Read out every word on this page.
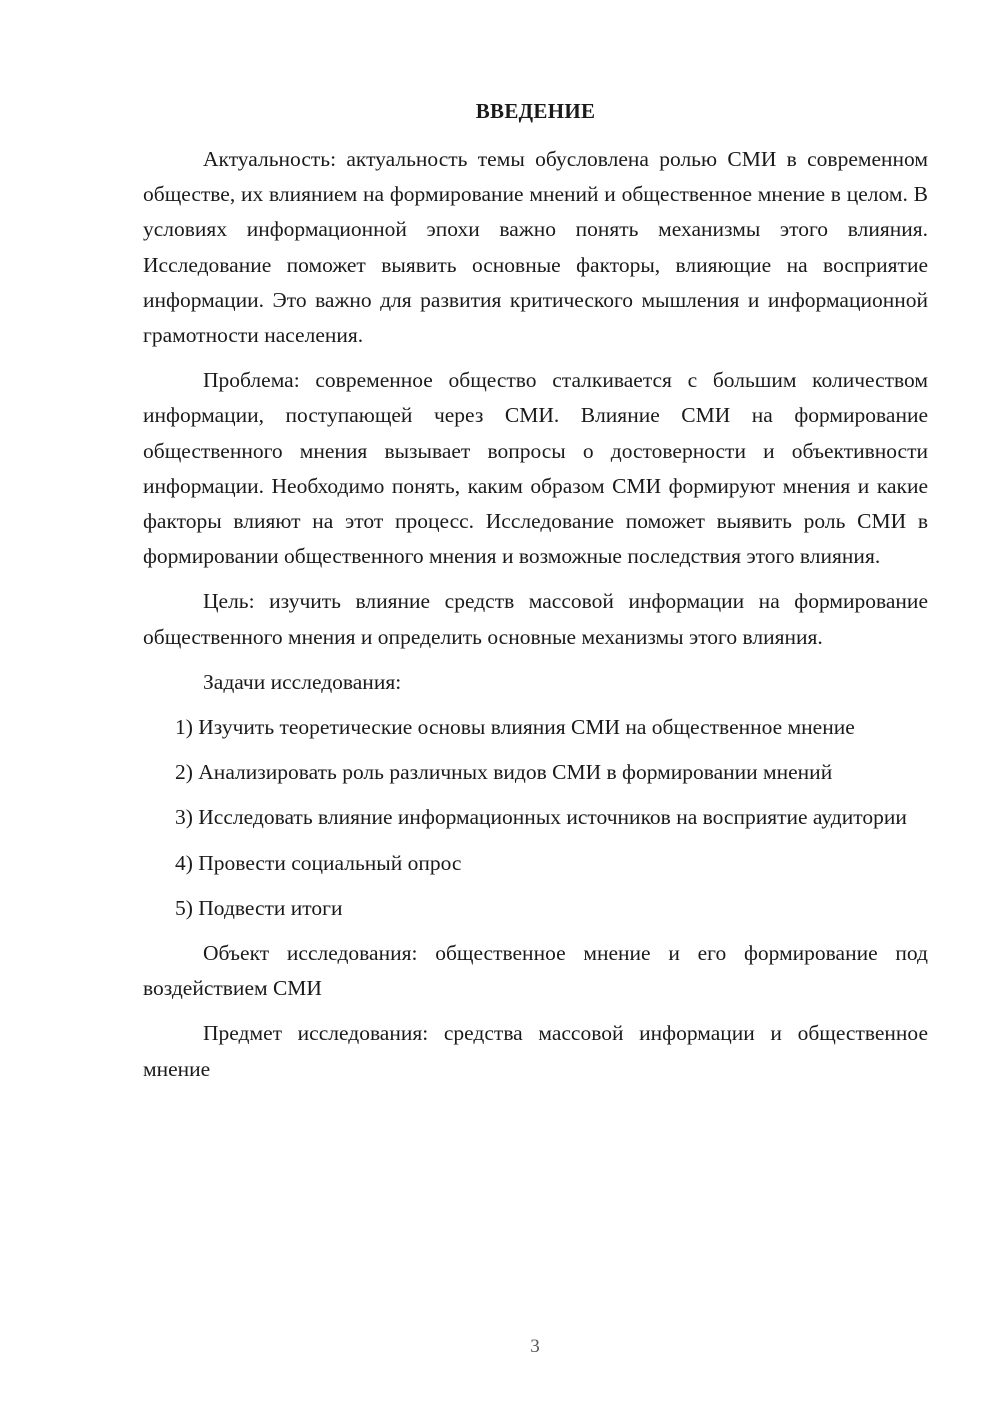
ВВЕДЕНИЕ

Актуальность: актуальность темы обусловлена ролью СМИ в современном обществе, их влиянием на формирование мнений и общественное мнение в целом. В условиях информационной эпохи важно понять механизмы этого влияния. Исследование поможет выявить основные факторы, влияющие на восприятие информации. Это важно для развития критического мышления и информационной грамотности населения.

Проблема: современное общество сталкивается с большим количеством информации, поступающей через СМИ. Влияние СМИ на формирование общественного мнения вызывает вопросы о достоверности и объективности информации. Необходимо понять, каким образом СМИ формируют мнения и какие факторы влияют на этот процесс. Исследование поможет выявить роль СМИ в формировании общественного мнения и возможные последствия этого влияния.

Цель: изучить влияние средств массовой информации на формирование общественного мнения и определить основные механизмы этого влияния.

Задачи исследования:

1) Изучить теоретические основы влияния СМИ на общественное мнение

2) Анализировать роль различных видов СМИ в формировании мнений

3) Исследовать влияние информационных источников на восприятие аудитории

4) Провести социальный опрос

5) Подвести итоги

Объект исследования: общественное мнение и его формирование под воздействием СМИ

Предмет исследования: средства массовой информации и общественное мнение

3
